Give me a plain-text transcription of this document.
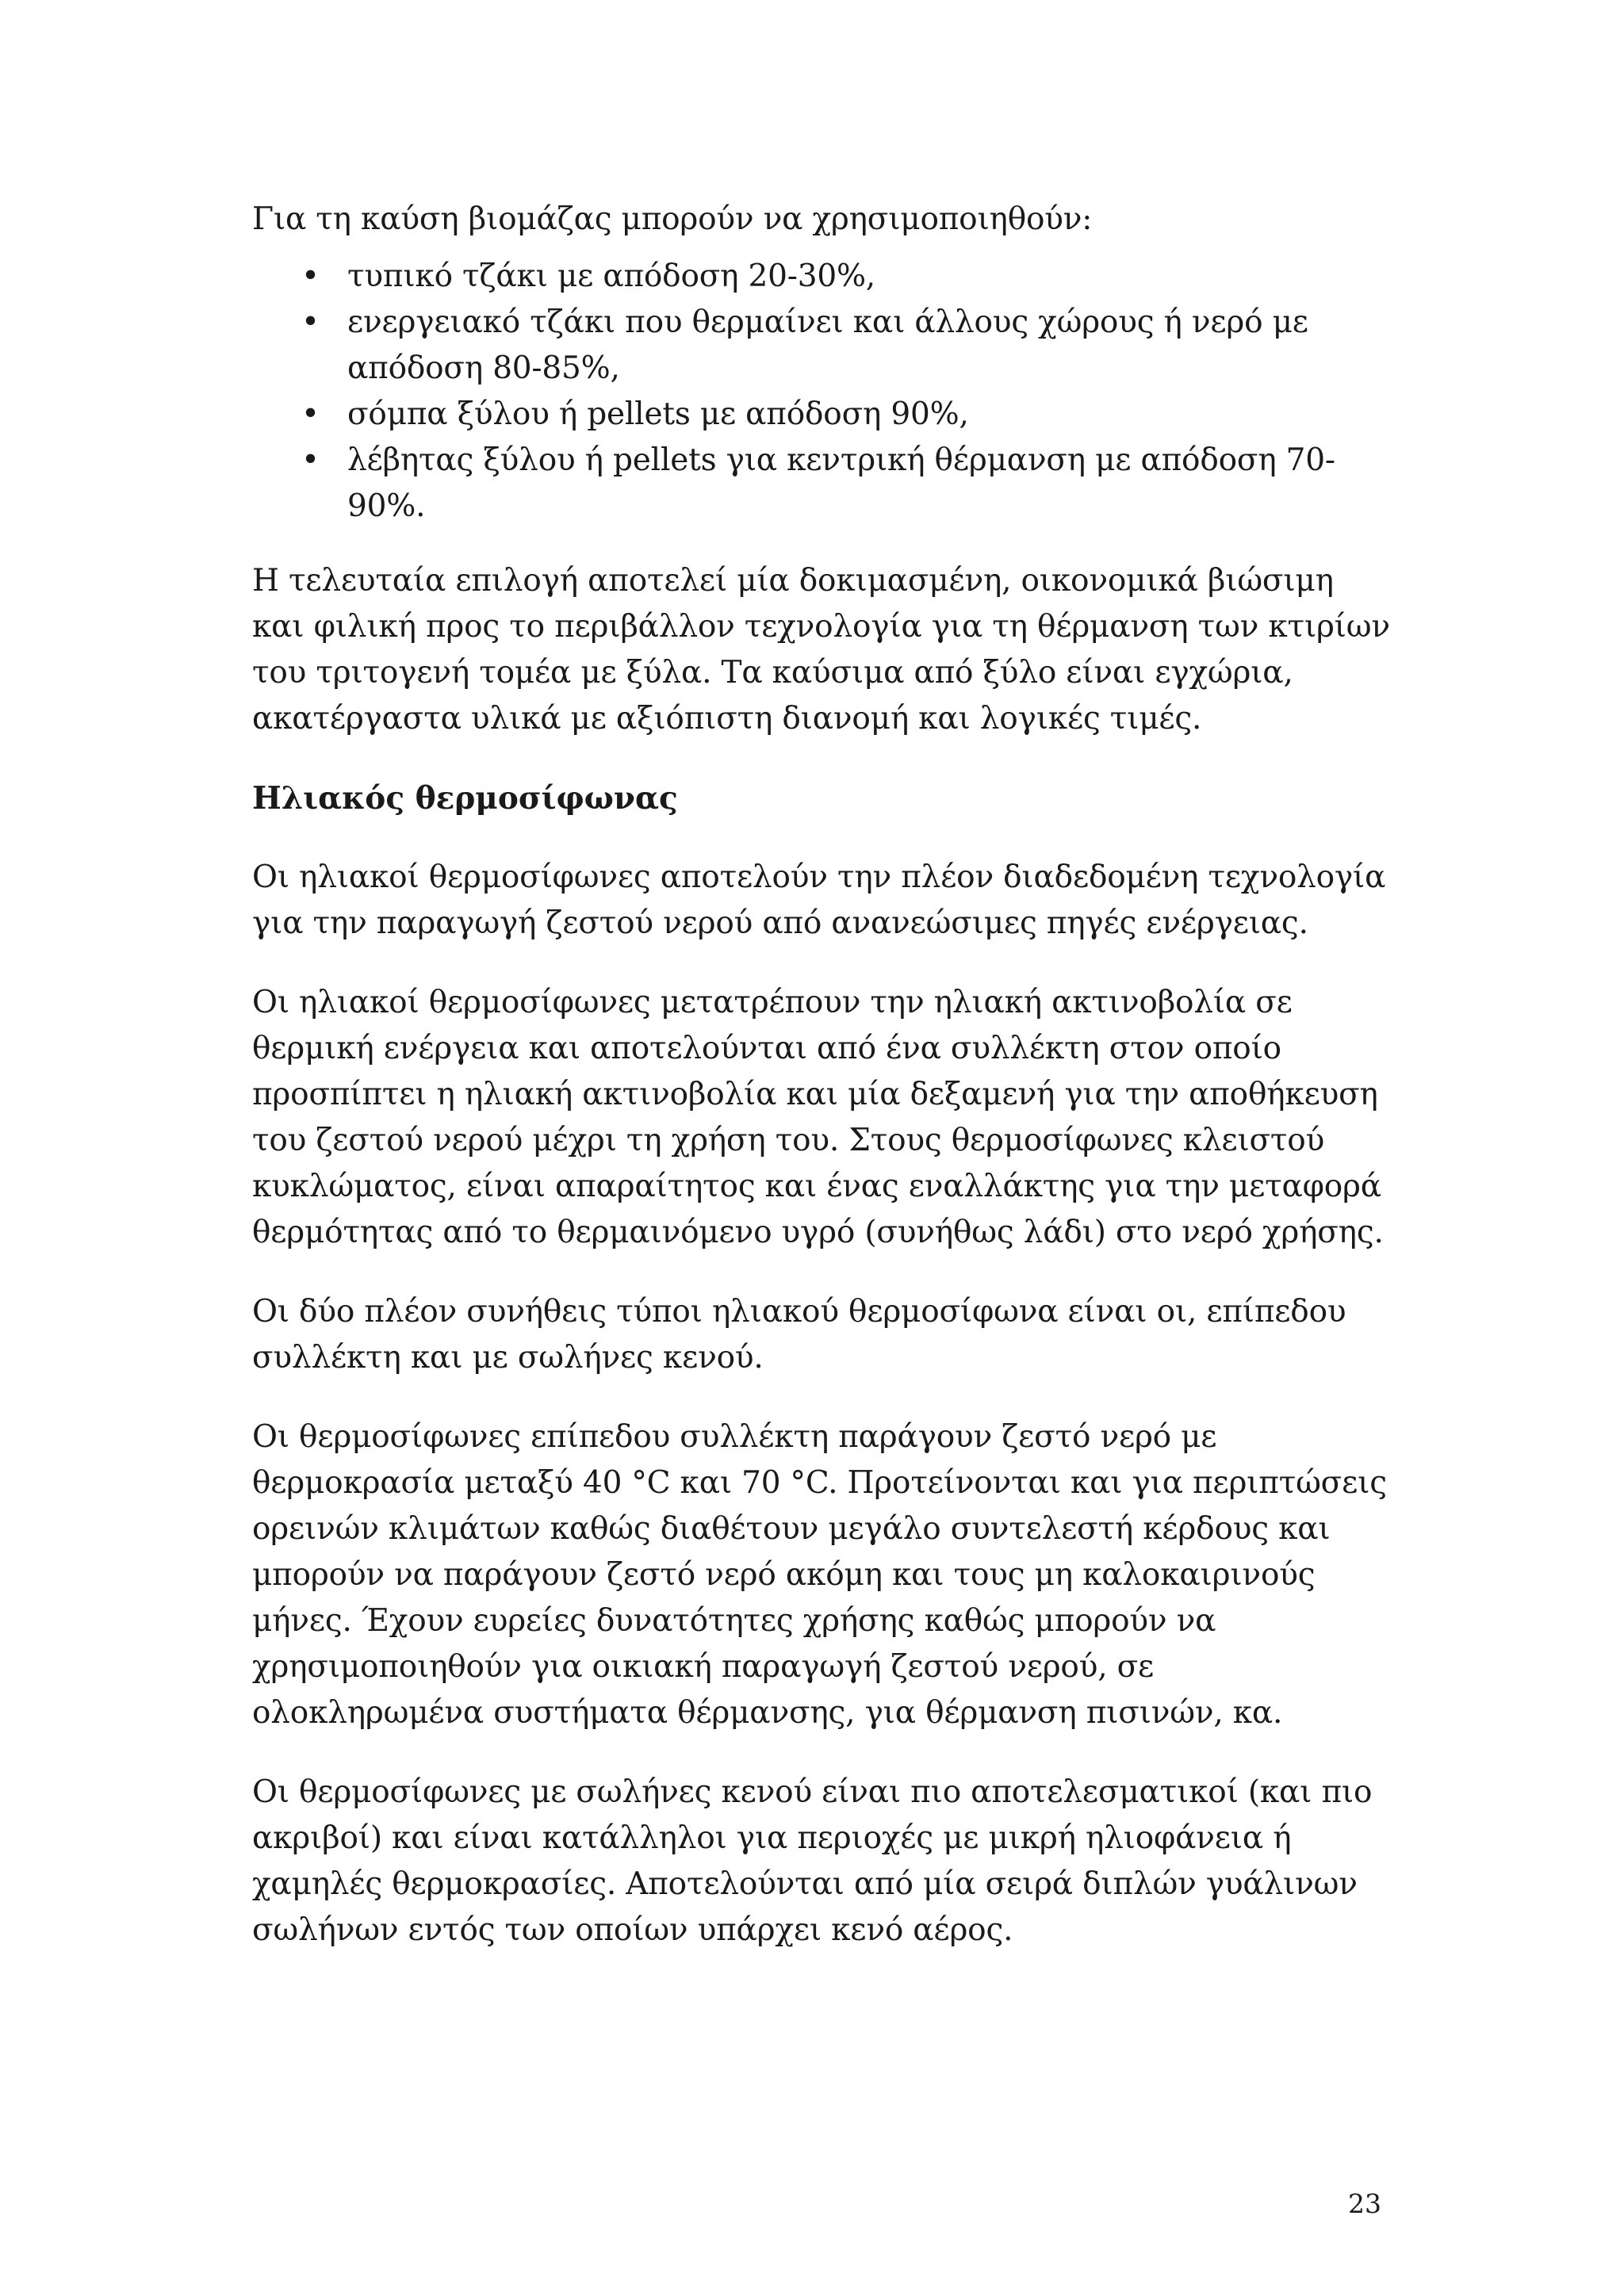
Για τη καύση βιομάζας μπορούν να χρησιμοποιηθούν:

• τυπικό τζάκι με απόδοση 20-30%,
• ενεργειακό τζάκι που θερμαίνει και άλλους χώρους ή νερό με απόδοση 80-85%,
• σόμπα ξύλου ή pellets με απόδοση 90%,
• λέβητας ξύλου ή pellets για κεντρική θέρμανση με απόδοση 70-90%.

Η τελευταία επιλογή αποτελεί μία δοκιμασμένη, οικονομικά βιώσιμη και φιλική προς το περιβάλλον τεχνολογία για τη θέρμανση των κτιρίων του τριτογενή τομέα με ξύλα. Τα καύσιμα από ξύλο είναι εγχώρια, ακατέργαστα υλικά με αξιόπιστη διανομή και λογικές τιμές.

Ηλιακός θερμοσίφωνας

Οι ηλιακοί θερμοσίφωνες αποτελούν την πλέον διαδεδομένη τεχνολογία για την παραγωγή ζεστού νερού από ανανεώσιμες πηγές ενέργειας.

Οι ηλιακοί θερμοσίφωνες μετατρέπουν την ηλιακή ακτινοβολία σε θερμική ενέργεια και αποτελούνται από ένα συλλέκτη στον οποίο προσπίπτει η ηλιακή ακτινοβολία και μία δεξαμενή για την αποθήκευση του ζεστού νερού μέχρι τη χρήση του. Στους θερμοσίφωνες κλειστού κυκλώματος, είναι απαραίτητος και ένας εναλλάκτης για την μεταφορά θερμότητας από το θερμαινόμενο υγρό (συνήθως λάδι) στο νερό χρήσης.

Οι δύο πλέον συνήθεις τύποι ηλιακού θερμοσίφωνα είναι οι, επίπεδου συλλέκτη και με σωλήνες κενού.

Οι θερμοσίφωνες επίπεδου συλλέκτη παράγουν ζεστό νερό με θερμοκρασία μεταξύ 40 °C και 70 °C. Προτείνονται και για περιπτώσεις ορεινών κλιμάτων καθώς διαθέτουν μεγάλο συντελεστή κέρδους και μπορούν να παράγουν ζεστό νερό ακόμη και τους μη καλοκαιρινούς μήνες. Έχουν ευρείες δυνατότητες χρήσης καθώς μπορούν να χρησιμοποιηθούν για οικιακή παραγωγή ζεστού νερού, σε ολοκληρωμένα συστήματα θέρμανσης, για θέρμανση πισινών, κα.

Οι θερμοσίφωνες με σωλήνες κενού είναι πιο αποτελεσματικοί (και πιο ακριβοί) και είναι κατάλληλοι για περιοχές με μικρή ηλιοφάνεια ή χαμηλές θερμοκρασίες. Αποτελούνται από μία σειρά διπλών γυάλινων σωλήνων εντός των οποίων υπάρχει κενό αέρος.

23
